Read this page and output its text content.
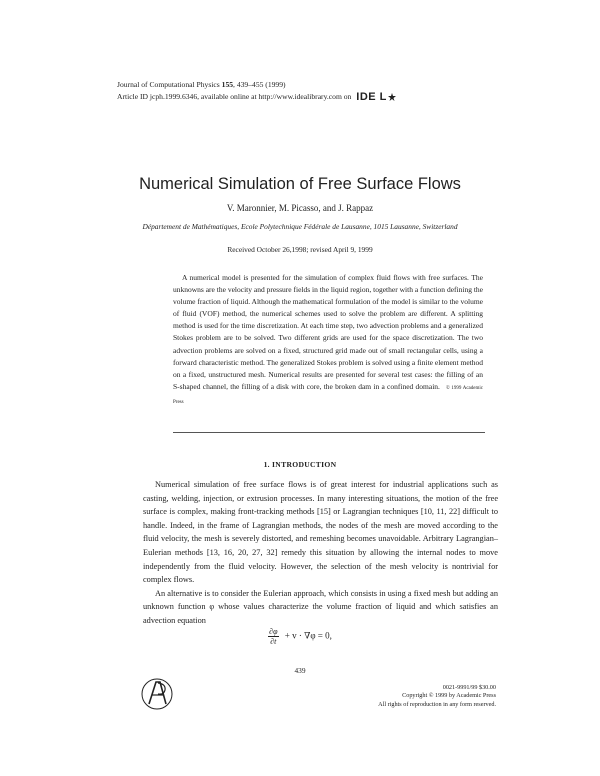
Journal of Computational Physics 155, 439–455 (1999)
Article ID jcph.1999.6346, available online at http://www.idealibrary.com on IDE L
Numerical Simulation of Free Surface Flows
V. Maronnier, M. Picasso, and J. Rappaz
Département de Mathématiques, Ecole Polytechnique Fédérale de Lausanne, 1015 Lausanne, Switzerland
Received October 26,1998; revised April 9, 1999

A numerical model is presented for the simulation of complex fluid flows with free surfaces. The unknowns are the velocity and pressure fields in the liquid region, together with a function defining the volume fraction of liquid. Although the mathematical formulation of the model is similar to the volume of fluid (VOF) method, the numerical schemes used to solve the problem are different. A splitting method is used for the time discretization. At each time step, two advection problems and a generalized Stokes problem are to be solved. Two different grids are used for the space discretization. The two advection problems are solved on a fixed, structured grid made out of small rectangular cells, using a forward characteristic method. The generalized Stokes problem is solved using a finite element method on a fixed, unstructured mesh. Numerical results are presented for several test cases: the filling of an S-shaped channel, the filling of a disk with core, the broken dam in a confined domain. © 1999 Academic Press

1. INTRODUCTION

Numerical simulation of free surface flows is of great interest for industrial applications such as casting, welding, injection, or extrusion processes. In many interesting situations, the motion of the free surface is complex, making front-tracking methods [15] or Lagrangian techniques [10, 11, 22] difficult to handle. Indeed, in the frame of Lagrangian methods, the nodes of the mesh are moved according to the fluid velocity, the mesh is severely distorted, and remeshing becomes unavoidable. Arbitrary Lagrangian–Eulerian methods [13, 16, 20, 27, 32] remedy this situation by allowing the internal nodes to move independently from the fluid velocity. However, the selection of the mesh velocity is nontrivial for complex flows.

An alternative is to consider the Eulerian approach, which consists in using a fixed mesh but adding an unknown function φ whose values characterize the volume fraction of liquid and which satisfies an advection equation

$\frac{\partial\varphi}{\partial t} + v \cdot \nabla\varphi = 0$,
439
0021-9991/99 $30.00
Copyright © 1999 by Academic Press
All rights of reproduction in any form reserved.
